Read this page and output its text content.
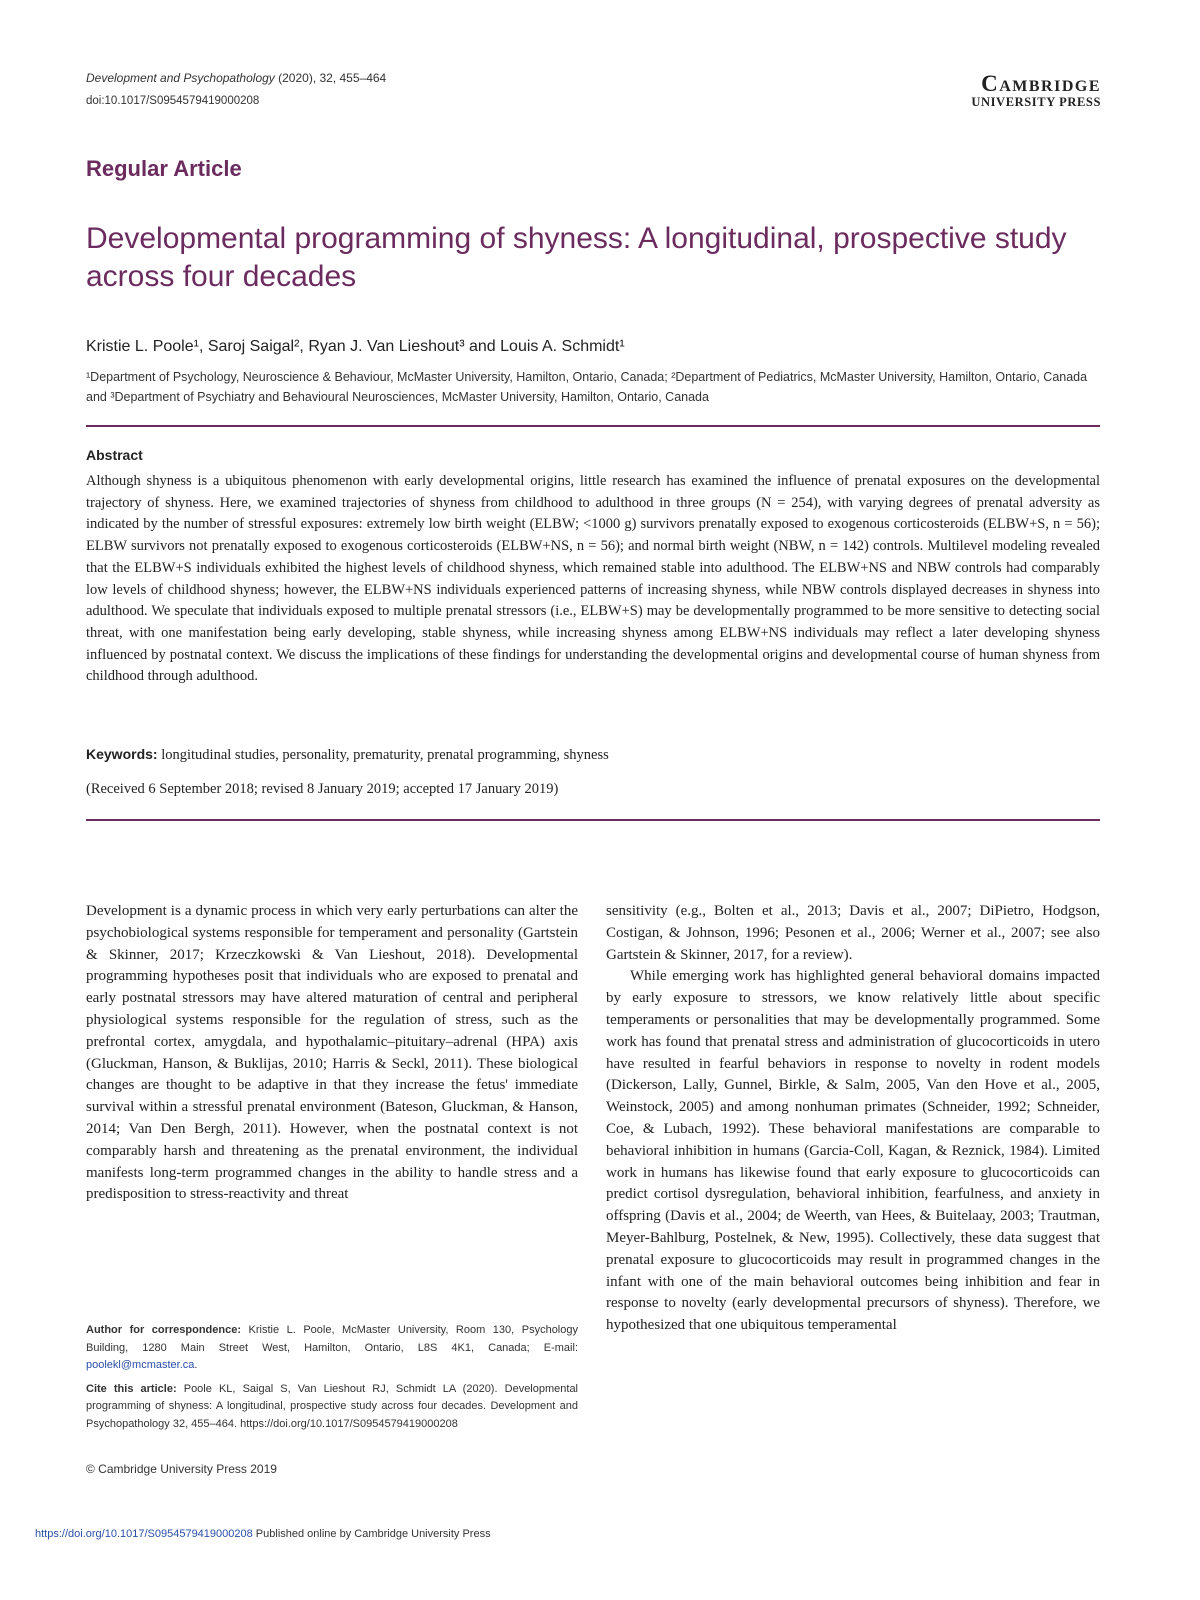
Development and Psychopathology (2020), 32, 455–464
doi:10.1017/S0954579419000208
Cambridge
UNIVERSITY PRESS
Regular Article
Developmental programming of shyness: A longitudinal, prospective study across four decades
Kristie L. Poole¹, Saroj Saigal², Ryan J. Van Lieshout³ and Louis A. Schmidt¹
¹Department of Psychology, Neuroscience & Behaviour, McMaster University, Hamilton, Ontario, Canada; ²Department of Pediatrics, McMaster University, Hamilton, Ontario, Canada and ³Department of Psychiatry and Behavioural Neurosciences, McMaster University, Hamilton, Ontario, Canada
Abstract
Although shyness is a ubiquitous phenomenon with early developmental origins, little research has examined the influence of prenatal exposures on the developmental trajectory of shyness. Here, we examined trajectories of shyness from childhood to adulthood in three groups (N = 254), with varying degrees of prenatal adversity as indicated by the number of stressful exposures: extremely low birth weight (ELBW; <1000 g) survivors prenatally exposed to exogenous corticosteroids (ELBW+S, n = 56); ELBW survivors not prenatally exposed to exogenous corticosteroids (ELBW+NS, n = 56); and normal birth weight (NBW, n = 142) controls. Multilevel modeling revealed that the ELBW+S individuals exhibited the highest levels of childhood shyness, which remained stable into adulthood. The ELBW+NS and NBW controls had comparably low levels of childhood shyness; however, the ELBW+NS individuals experienced patterns of increasing shyness, while NBW controls displayed decreases in shyness into adulthood. We speculate that individuals exposed to multiple prenatal stressors (i.e., ELBW+S) may be developmentally programmed to be more sensitive to detecting social threat, with one manifestation being early developing, stable shyness, while increasing shyness among ELBW+NS individuals may reflect a later developing shyness influenced by postnatal context. We discuss the implications of these findings for understanding the developmental origins and developmental course of human shyness from childhood through adulthood.
Keywords: longitudinal studies, personality, prematurity, prenatal programming, shyness
(Received 6 September 2018; revised 8 January 2019; accepted 17 January 2019)

Development is a dynamic process in which very early perturbations can alter the psychobiological systems responsible for temperament and personality (Gartstein & Skinner, 2017; Krzeczkowski & Van Lieshout, 2018). Developmental programming hypotheses posit that individuals who are exposed to prenatal and early postnatal stressors may have altered maturation of central and peripheral physiological systems responsible for the regulation of stress, such as the prefrontal cortex, amygdala, and hypothalamic–pituitary–adrenal (HPA) axis (Gluckman, Hanson, & Buklijas, 2010; Harris & Seckl, 2011). These biological changes are thought to be adaptive in that they increase the fetus' immediate survival within a stressful prenatal environment (Bateson, Gluckman, & Hanson, 2014; Van Den Bergh, 2011). However, when the postnatal context is not comparably harsh and threatening as the prenatal environment, the individual manifests long-term programmed changes in the ability to handle stress and a predisposition to stress-reactivity and threat

sensitivity (e.g., Bolten et al., 2013; Davis et al., 2007; DiPietro, Hodgson, Costigan, & Johnson, 1996; Pesonen et al., 2006; Werner et al., 2007; see also Gartstein & Skinner, 2017, for a review).

While emerging work has highlighted general behavioral domains impacted by early exposure to stressors, we know relatively little about specific temperaments or personalities that may be developmentally programmed. Some work has found that prenatal stress and administration of glucocorticoids in utero have resulted in fearful behaviors in response to novelty in rodent models (Dickerson, Lally, Gunnel, Birkle, & Salm, 2005, Van den Hove et al., 2005, Weinstock, 2005) and among nonhuman primates (Schneider, 1992; Schneider, Coe, & Lubach, 1992). These behavioral manifestations are comparable to behavioral inhibition in humans (Garcia-Coll, Kagan, & Reznick, 1984). Limited work in humans has likewise found that early exposure to glucocorticoids can predict cortisol dysregulation, behavioral inhibition, fearfulness, and anxiety in offspring (Davis et al., 2004; de Weerth, van Hees, & Buitelaay, 2003; Trautman, Meyer-Bahlburg, Postelnek, & New, 1995). Collectively, these data suggest that prenatal exposure to glucocorticoids may result in programmed changes in the infant with one of the main behavioral outcomes being inhibition and fear in response to novelty (early developmental precursors of shyness). Therefore, we hypothesized that one ubiquitous temperamental

Author for correspondence: Kristie L. Poole, McMaster University, Room 130, Psychology Building, 1280 Main Street West, Hamilton, Ontario, L8S 4K1, Canada; E-mail: poolekl@mcmaster.ca.

Cite this article: Poole KL, Saigal S, Van Lieshout RJ, Schmidt LA (2020). Developmental programming of shyness: A longitudinal, prospective study across four decades. Development and Psychopathology 32, 455–464. https://doi.org/10.1017/S0954579419000208

© Cambridge University Press 2019
https://doi.org/10.1017/S0954579419000208 Published online by Cambridge University Press
